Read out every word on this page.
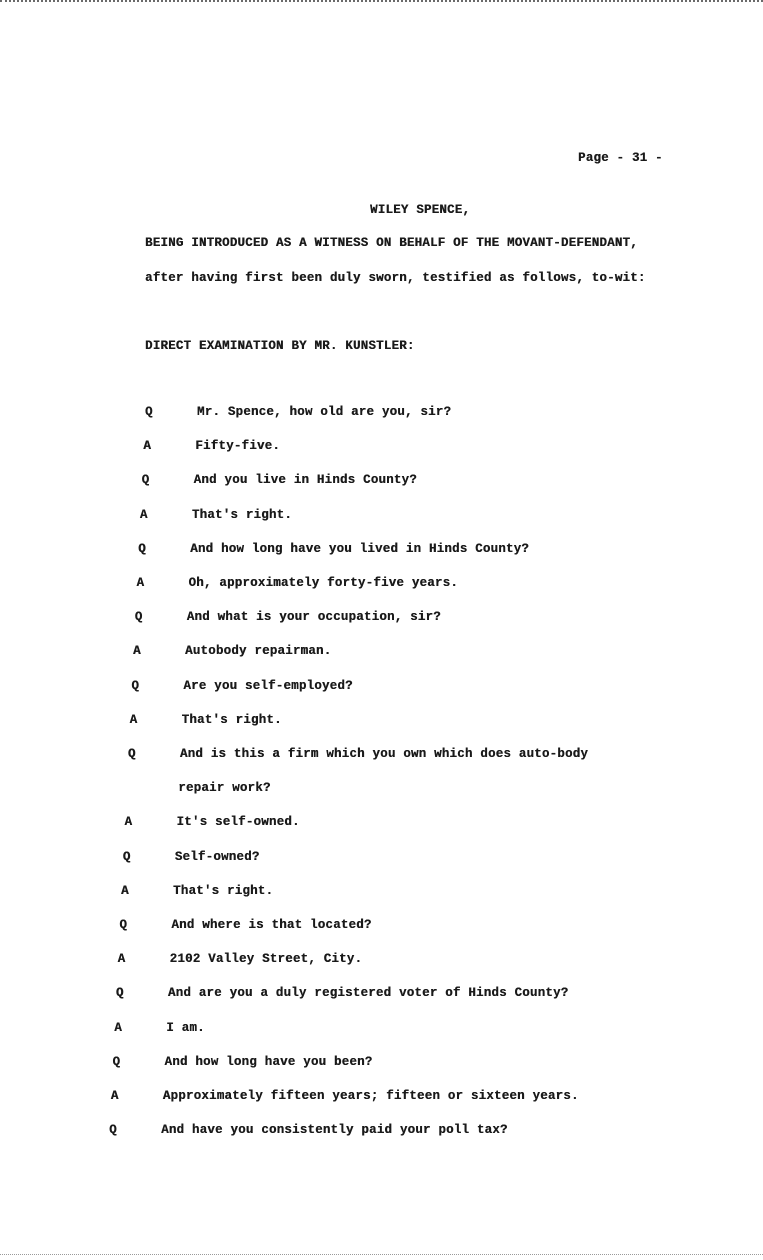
Page - 31 -
WILEY SPENCE,
BEING INTRODUCED AS A WITNESS ON BEHALF OF THE MOVANT-DEFENDANT,
after having first been duly sworn, testified as follows, to-wit:
DIRECT EXAMINATION BY MR. KUNSTLER:
Q	Mr. Spence, how old are you, sir?
A	Fifty-five.
Q	And you live in Hinds County?
A	That's right.
Q	And how long have you lived in Hinds County?
A	Oh, approximately forty-five years.
Q	And what is your occupation, sir?
A	Autobody repairman.
Q	Are you self-employed?
A	That's right.
Q	And is this a firm which you own which does auto-body
repair work?
A	It's self-owned.
Q	Self-owned?
A	That's right.
Q	And where is that located?
A	2102 Valley Street, City.
Q	And are you a duly registered voter of Hinds County?
A	I am.
Q	And how long have you been?
A	Approximately fifteen years; fifteen or sixteen years.
Q	And have you consistently paid your poll tax?
